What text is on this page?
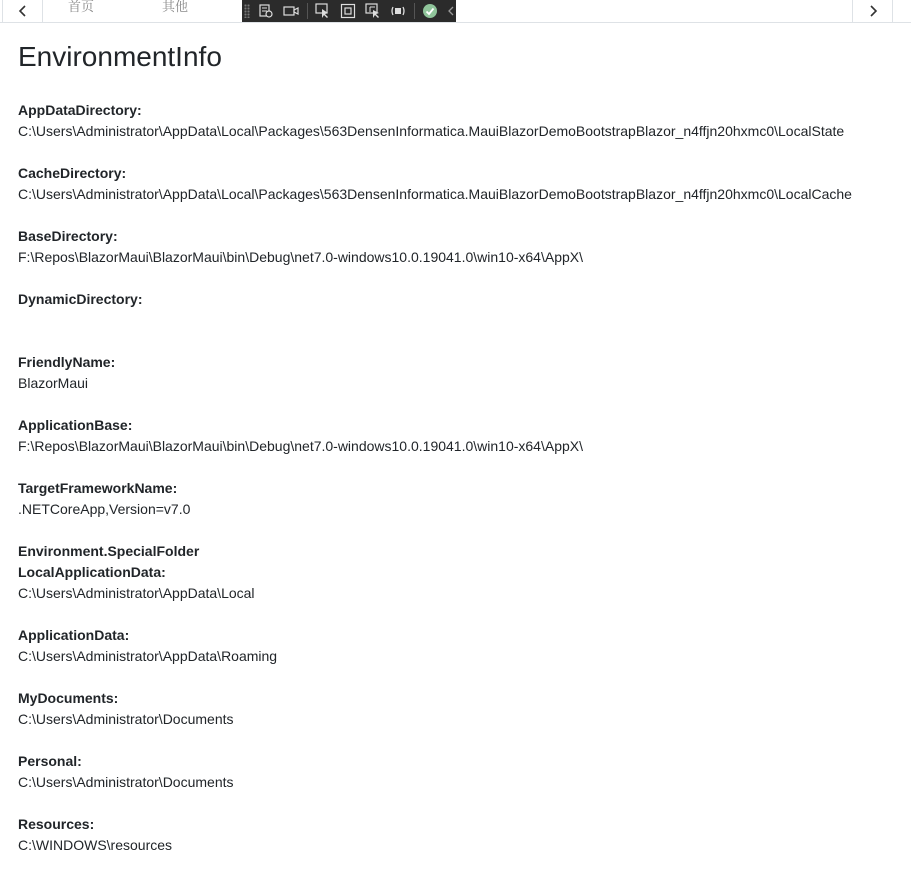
首页	其他
EnvironmentInfo
AppDataDirectory:
C:\Users\Administrator\AppData\Local\Packages\563DensenInformatica.MauiBlazorDemoBootstrapBlazor_n4ffjn20hxmc0\LocalState
CacheDirectory:
C:\Users\Administrator\AppData\Local\Packages\563DensenInformatica.MauiBlazorDemoBootstrapBlazor_n4ffjn20hxmc0\LocalCache
BaseDirectory:
F:\Repos\BlazorMaui\BlazorMaui\bin\Debug\net7.0-windows10.0.19041.0\win10-x64\AppX\
DynamicDirectory:
FriendlyName:
BlazorMaui
ApplicationBase:
F:\Repos\BlazorMaui\BlazorMaui\bin\Debug\net7.0-windows10.0.19041.0\win10-x64\AppX\
TargetFrameworkName:
.NETCoreApp,Version=v7.0
Environment.SpecialFolder
LocalApplicationData:
C:\Users\Administrator\AppData\Local
ApplicationData:
C:\Users\Administrator\AppData\Roaming
MyDocuments:
C:\Users\Administrator\Documents
Personal:
C:\Users\Administrator\Documents
Resources:
C:\WINDOWS\resources
